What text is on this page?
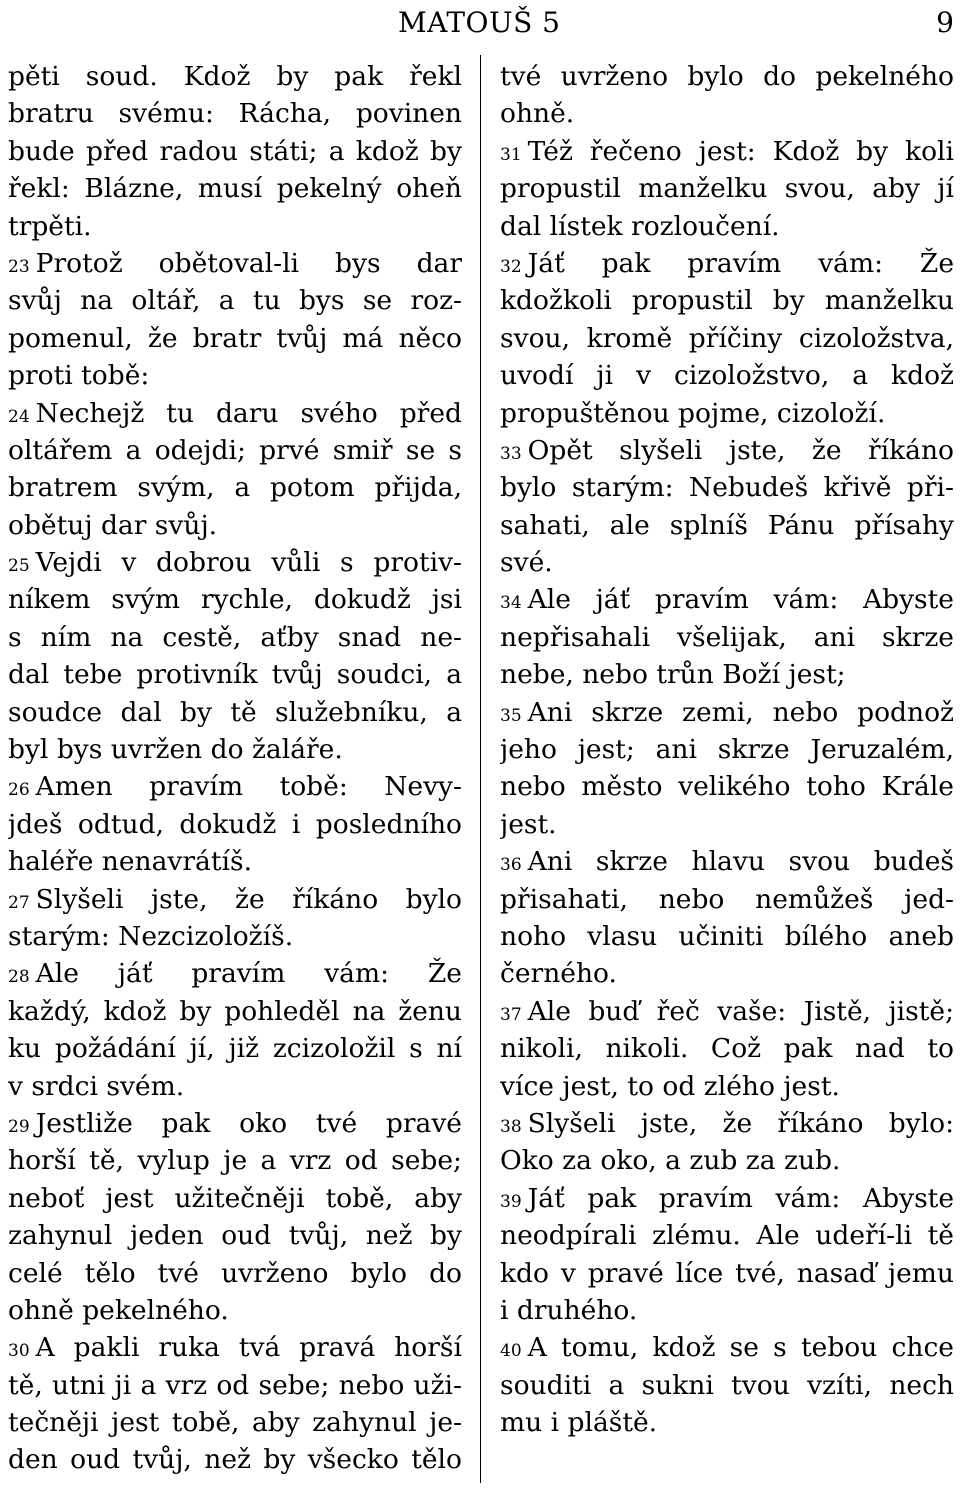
MATOUŠ 5	9
pěti soud. Kdož by pak řekl
bratru svému: Rácha, povinen
bude před radou státi; a kdož by
řekl: Blázne, musí pekelný oheň
trpěti.
23 Protož obětoval-li bys dar
svůj na oltář, a tu bys se roz-
pomenul, že bratr tvůj má něco
proti tobě:
24 Nechejž tu daru svého před
oltářem a odejdi; prvé smiř se s
bratrem svým, a potom přijda,
obětuj dar svůj.
25 Vejdi v dobrou vůli s protiv-
níkem svým rychle, dokudž jsi
s ním na cestě, aťby snad ne-
dal tebe protivník tvůj soudci, a
soudce dal by tě služebníku, a
byl bys uvržen do žaláře.
26 Amen pravím tobě: Nevy-
jdeš odtud, dokudž i posledního
haléře nenavrátíš.
27 Slyšeli jste, že říkáno bylo
starým: Nezcizoložíš.
28 Ale jáť pravím vám: Že
každý, kdož by pohleděl na ženu
ku požádání jí, již zcizoložil s ní
v srdci svém.
29 Jestliže pak oko tvé pravé
horší tě, vylup je a vrz od sebe;
neboť jest užitečněji tobě, aby
zahynul jeden oud tvůj, než by
celé tělo tvé uvrženo bylo do
ohně pekelného.
30 A pakli ruka tvá pravá horší
tě, utni ji a vrz od sebe; nebo uži-
tečněji jest tobě, aby zahynul je-
den oud tvůj, než by všecko tělo
tvé uvrženo bylo do pekelného
ohně.
31 Též řečeno jest: Kdož by koli
propustil manželku svou, aby jí
dal lístek rozloučení.
32 Jáť pak pravím vám: Že
kdožkoli propustil by manželku
svou, kromě příčiny cizoložstva,
uvodí ji v cizoložstvo, a kdož
propuštěnou pojme, cizoloží.
33 Opět slyšeli jste, že říkáno
bylo starým: Nebudeš křivě při-
sahati, ale splníš Pánu přísahy
své.
34 Ale jáť pravím vám: Abyste
nepřisahali všelijak, ani skrze
nebe, nebo trůn Boží jest;
35 Ani skrze zemi, nebo podnož
jeho jest; ani skrze Jeruzalém,
nebo město velikého toho Krále
jest.
36 Ani skrze hlavu svou budeš
přisahati, nebo nemůžeš jed-
noho vlasu učiniti bílého aneb
černého.
37 Ale buď řeč vaše: Jistě, jistě;
nikoli, nikoli. Což pak nad to
více jest, to od zlého jest.
38 Slyšeli jste, že říkáno bylo:
Oko za oko, a zub za zub.
39 Jáť pak pravím vám: Abyste
neodpírali zlému. Ale udeří-li tě
kdo v pravé líce tvé, nasaď jemu
i druhého.
40 A tomu, kdož se s tebou chce
souditi a sukni tvou vzíti, nech
mu i pláště.
